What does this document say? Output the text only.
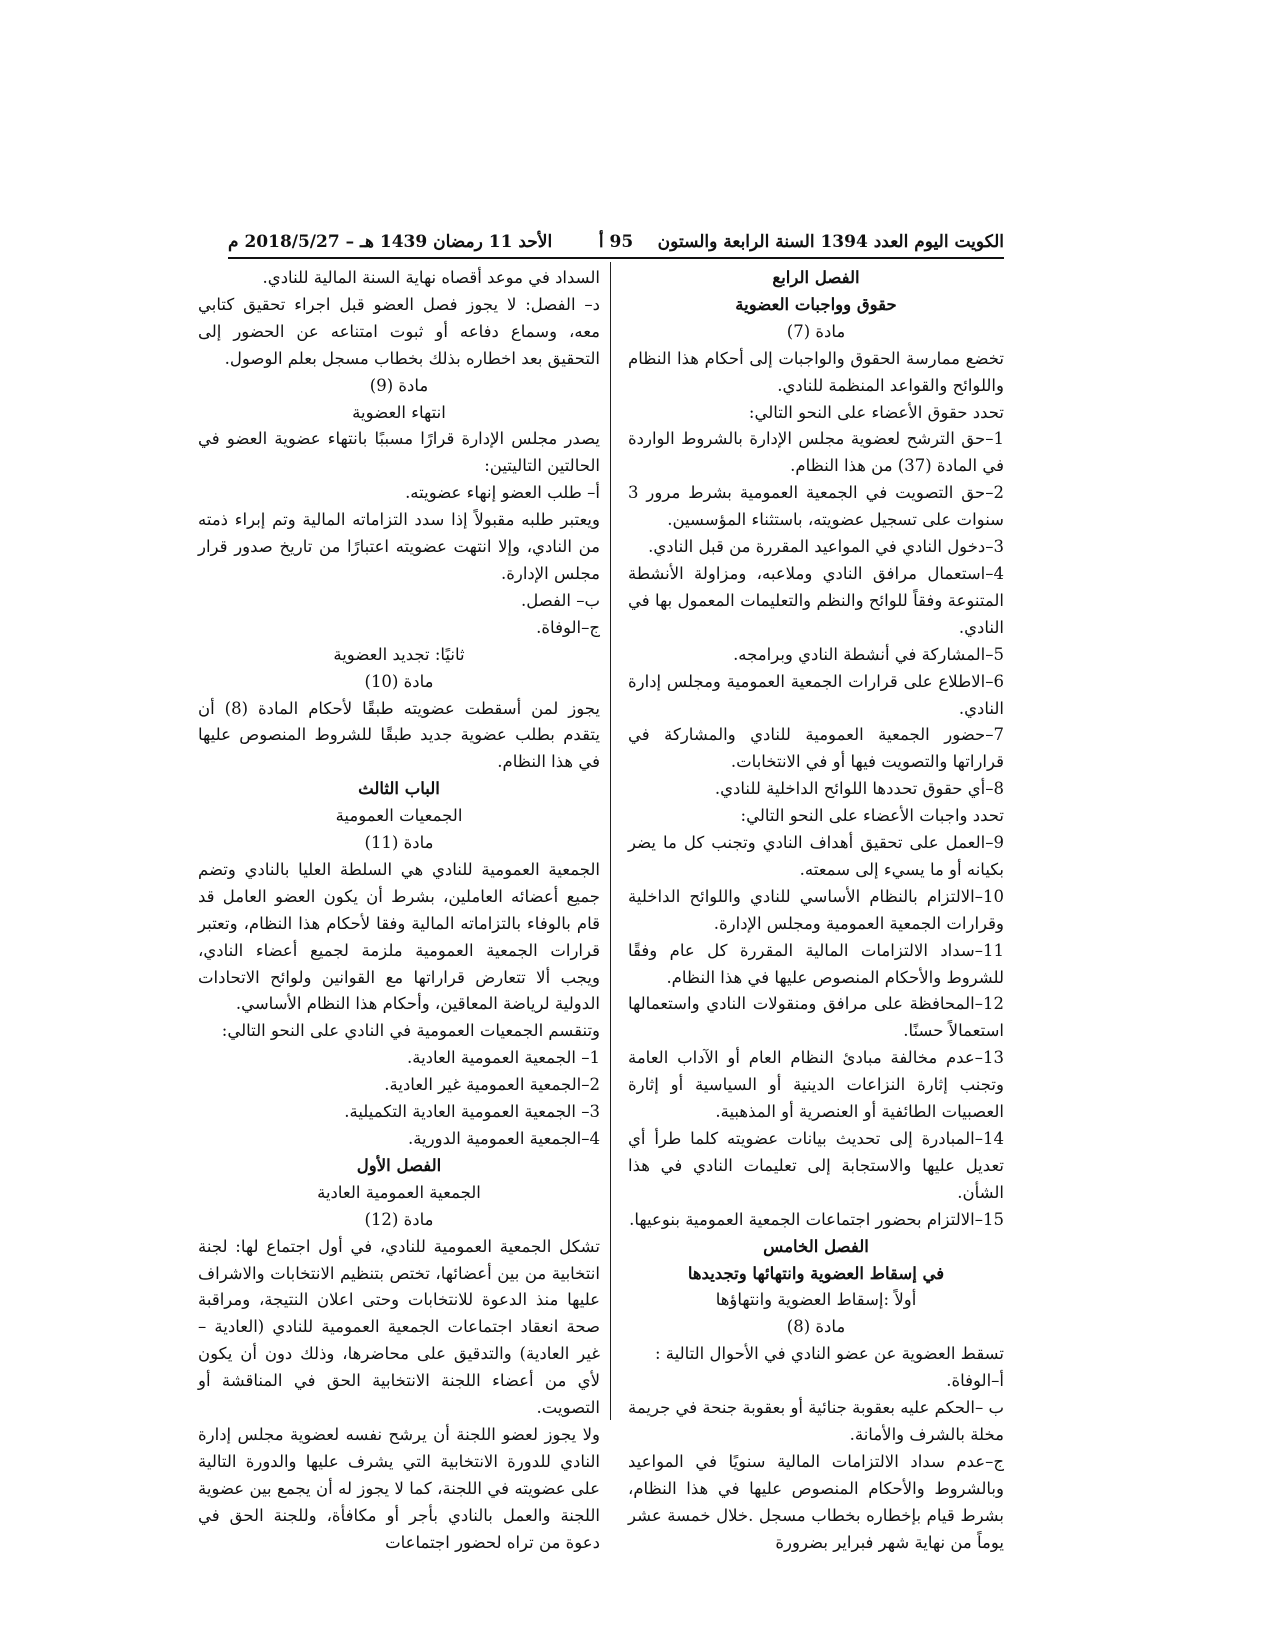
الكويت اليوم العدد 1394 السنة الرابعة والستون
95 أ
الأحد 11 رمضان 1439 هـ – 2018/5/27 م

الفصل الرابع

حقوق وواجبات العضوية

مادة (7)

تخضع ممارسة الحقوق والواجبات إلى أحكام هذا النظام واللوائح والقواعد المنظمة للنادي.

تحدد حقوق الأعضاء على النحو التالي:

1–حق الترشح لعضوية مجلس الإدارة بالشروط الواردة في المادة (37) من هذا النظام.

2–حق التصويت في الجمعية العمومية بشرط مرور 3 سنوات على تسجيل عضويته، باستثناء المؤسسين.

3–دخول النادي في المواعيد المقررة من قبل النادي.

4–استعمال مرافق النادي وملاعبه، ومزاولة الأنشطة المتنوعة وفقاً للوائح والنظم والتعليمات المعمول بها في النادي.

5–المشاركة في أنشطة النادي وبرامجه.

6–الاطلاع على قرارات الجمعية العمومية ومجلس إدارة النادي.

7–حضور الجمعية العمومية للنادي والمشاركة في قراراتها والتصويت فيها أو في الانتخابات.

8–أي حقوق تحددها اللوائح الداخلية للنادي.

تحدد واجبات الأعضاء على النحو التالي:

9–العمل على تحقيق أهداف النادي وتجنب كل ما يضر بكيانه أو ما يسيء إلى سمعته.

10–الالتزام بالنظام الأساسي للنادي واللوائح الداخلية وقرارات الجمعية العمومية ومجلس الإدارة.

11–سداد الالتزامات المالية المقررة كل عام وفقًا للشروط والأحكام المنصوص عليها في هذا النظام.

12–المحافظة على مرافق ومنقولات النادي واستعمالها استعمالاً حسنًا.

13–عدم مخالفة مبادئ النظام العام أو الآداب العامة وتجنب إثارة النزاعات الدينية أو السياسية أو إثارة العصبيات الطائفية أو العنصرية أو المذهبية.

14–المبادرة إلى تحديث بيانات عضويته كلما طرأ أي تعديل عليها والاستجابة إلى تعليمات النادي في هذا الشأن.

15–الالتزام بحضور اجتماعات الجمعية العمومية بنوعيها.

الفصل الخامس

في إسقاط العضوية وانتهائها وتجديدها

أولاً :إسقاط العضوية وانتهاؤها

مادة (8)

تسقط العضوية عن عضو النادي في الأحوال التالية :

أ–الوفاة.

ب –الحكم عليه بعقوبة جنائية أو بعقوبة جنحة في جريمة مخلة بالشرف والأمانة.

ج–عدم سداد الالتزامات المالية سنويًا في المواعيد وبالشروط والأحكام المنصوص عليها في هذا النظام، بشرط قيام بإخطاره بخطاب مسجل .خلال خمسة عشر يوماً من نهاية شهر فبراير بضرورة

السداد في موعد أقصاه نهاية السنة المالية للنادي.

د– الفصل: لا يجوز فصل العضو قبل اجراء تحقيق كتابي معه، وسماع دفاعه أو ثبوت امتناعه عن الحضور إلى التحقيق بعد اخطاره بذلك بخطاب مسجل بعلم الوصول.

مادة (9)

انتهاء العضوية

يصدر مجلس الإدارة قرارًا مسببًا بانتهاء عضوية العضو في الحالتين التاليتين:

أ– طلب العضو إنهاء عضويته.

ويعتبر طلبه مقبولاً إذا سدد التزاماته المالية وتم إبراء ذمته من النادي، وإلا انتهت عضويته اعتبارًا من تاريخ صدور قرار مجلس الإدارة.

ب– الفصل.

ج–الوفاة.

ثانيًا: تجديد العضوية

مادة (10)

يجوز لمن أسقطت عضويته طبقًا لأحكام المادة (8) أن يتقدم بطلب عضوية جديد طبقًا للشروط المنصوص عليها في هذا النظام.

الباب الثالث

الجمعيات العمومية

مادة (11)

الجمعية العمومية للنادي هي السلطة العليا بالنادي وتضم جميع أعضائه العاملين، بشرط أن يكون العضو العامل قد قام بالوفاء بالتزاماته المالية وفقا لأحكام هذا النظام، وتعتبر قرارات الجمعية العمومية ملزمة لجميع أعضاء النادي، ويجب ألا تتعارض قراراتها مع القوانين ولوائح الاتحادات الدولية لرياضة المعاقين، وأحكام هذا النظام الأساسي.

وتنقسم الجمعيات العمومية في النادي على النحو التالي:

1– الجمعية العمومية العادية.

2–الجمعية العمومية غير العادية.

3– الجمعية العمومية العادية التكميلية.

4–الجمعية العمومية الدورية.

الفصل الأول

الجمعية العمومية العادية

مادة (12)

تشكل الجمعية العمومية للنادي، في أول اجتماع لها: لجنة انتخابية من بين أعضائها، تختص بتنظيم الانتخابات والاشراف عليها منذ الدعوة للانتخابات وحتى اعلان النتيجة، ومراقبة صحة انعقاد اجتماعات الجمعية العمومية للنادي (العادية – غير العادية) والتدقيق على محاضرها، وذلك دون أن يكون لأي من أعضاء اللجنة الانتخابية الحق في المناقشة أو التصويت.

ولا يجوز لعضو اللجنة أن يرشح نفسه لعضوية مجلس إدارة النادي للدورة الانتخابية التي يشرف عليها والدورة التالية على عضويته في اللجنة، كما لا يجوز له أن يجمع بين عضوية اللجنة والعمل بالنادي بأجر أو مكافأة، وللجنة الحق في دعوة من تراه لحضور اجتماعات
